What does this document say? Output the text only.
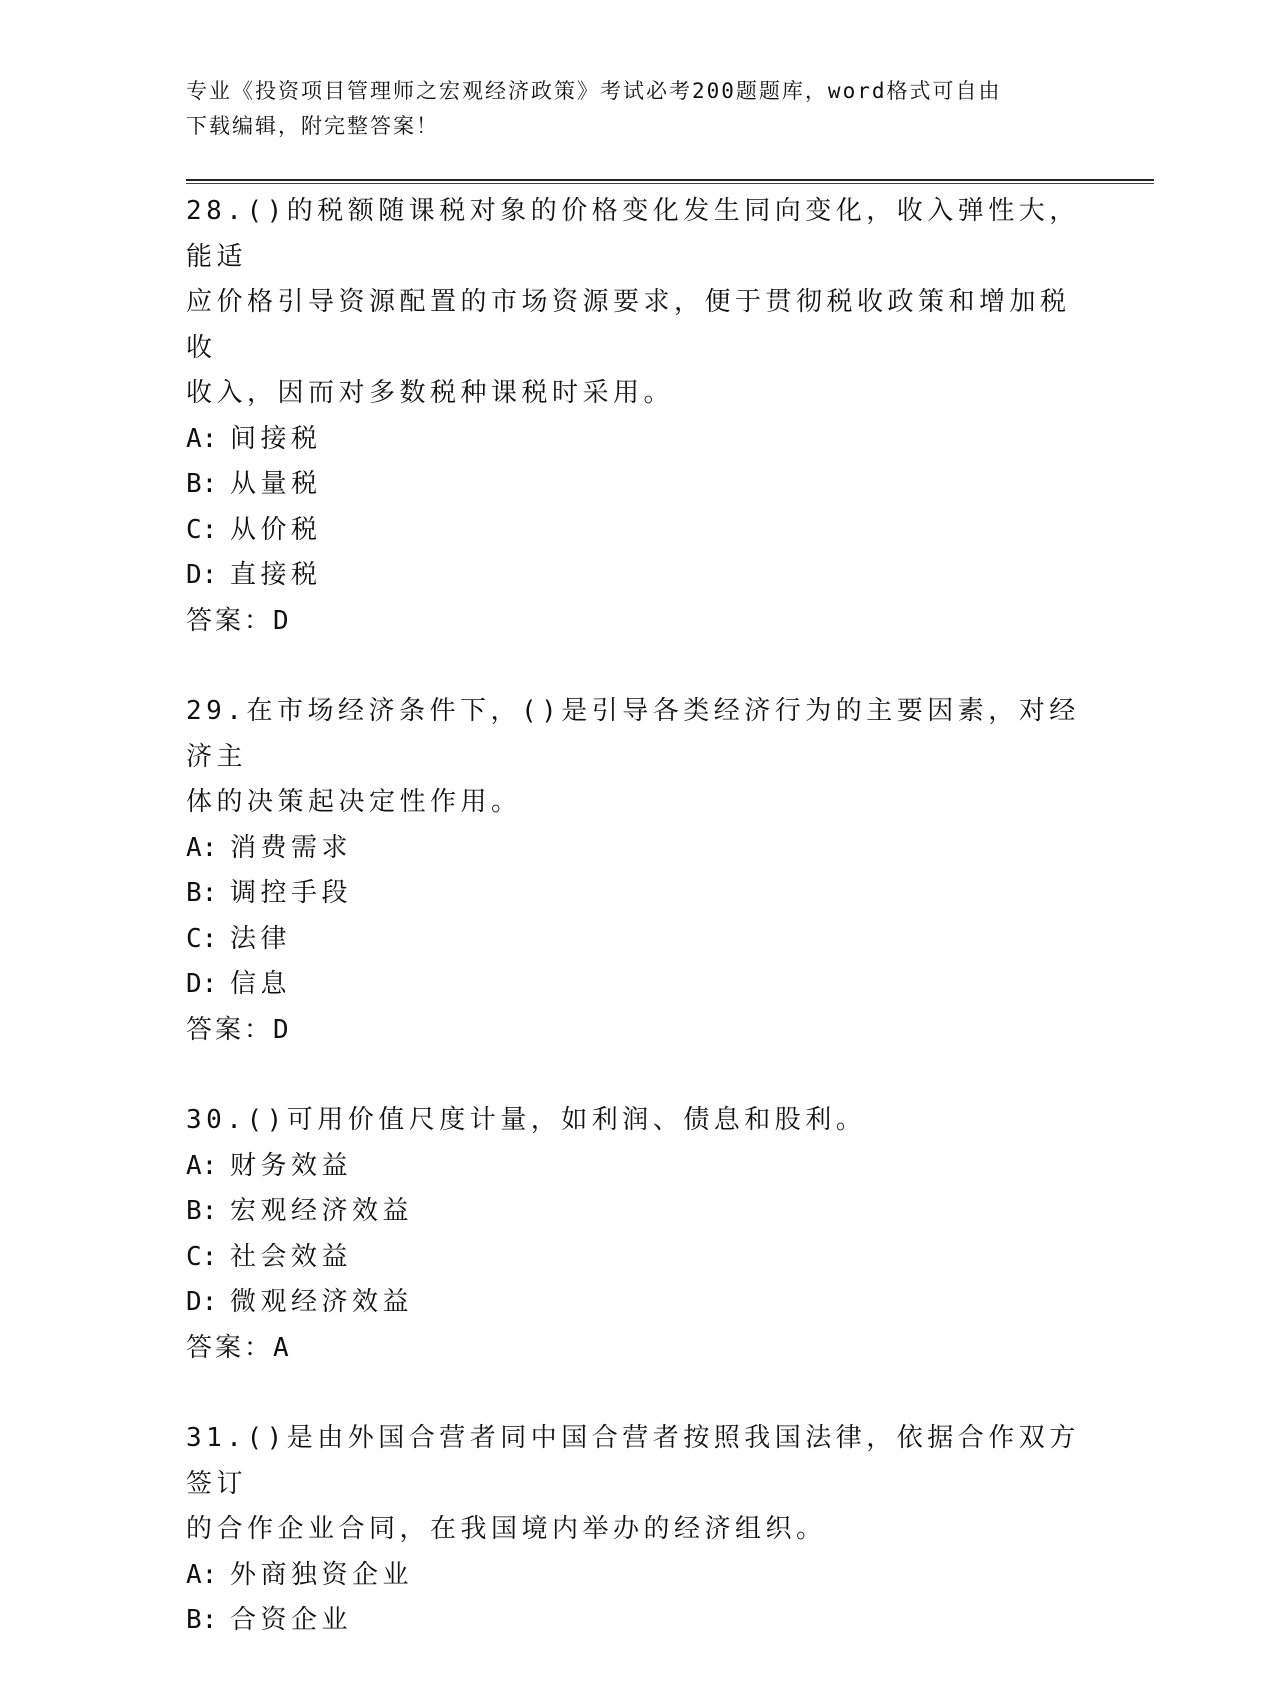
专业《投资项目管理师之宏观经济政策》考试必考200题题库，word格式可自由
下载编辑，附完整答案！
28.()的税额随课税对象的价格变化发生同向变化，收入弹性大，能适
应价格引导资源配置的市场资源要求，便于贯彻税收政策和增加税收
收入，因而对多数税种课税时采用。
A: 间接税
B: 从量税
C: 从价税
D: 直接税
答案：D
29.在市场经济条件下，()是引导各类经济行为的主要因素，对经济主
体的决策起决定性作用。
A: 消费需求
B: 调控手段
C: 法律
D: 信息
答案：D
30.()可用价值尺度计量，如利润、债息和股利。
A: 财务效益
B: 宏观经济效益
C: 社会效益
D: 微观经济效益
答案：A
31.()是由外国合营者同中国合营者按照我国法律，依据合作双方签订
的合作企业合同，在我国境内举办的经济组织。
A: 外商独资企业
B: 合资企业
